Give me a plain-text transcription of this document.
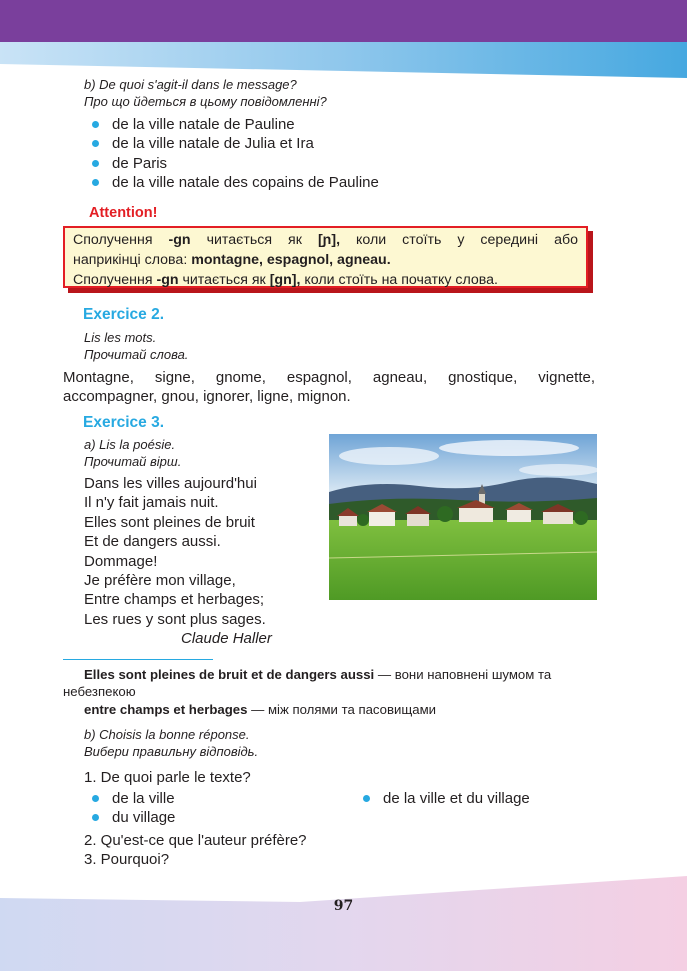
b) De quoi s'agit-il dans le message?
Про що йдеться в цьому повідомленні?
de la ville natale de Pauline
de la ville natale de Julia et Ira
de Paris
de la ville natale des copains de Pauline
Attention!

Сполучення -gn читається як [ɲ], коли стоїть у середині або

наприкінці слова: montagne, espagnol, agneau.

Сполучення -gn читається як [gn], коли стоїть на початку слова.

Exercice 2.
Lis les mots.
Прочитай слова.
Montagne, signe, gnome, espagnol, agneau, gnostique, vignette,
accompagner, gnou, ignorer, ligne, mignon.
Exercice 3.
a) Lis la poésie.
Прочитай вірш.
Dans les villes aujourd'hui
Il n'y fait jamais nuit.
Elles sont pleines de bruit
Et de dangers aussi.
Dommage!
Je préfère mon village,
Entre champs et herbages;
Les rues y sont plus sages.
Claude Haller
Elles sont pleines de bruit et de dangers aussi — вони наповнені шумом та
небезпекою
entre champs et herbages — між полями та пасовищами
b) Choisis la bonne réponse.
Вибери правильну відповідь.
1. De quoi parle le texte?
de la ville
du village
de la ville et du village
2. Qu'est-ce que l'auteur préfère?
3. Pourquoi?
97
